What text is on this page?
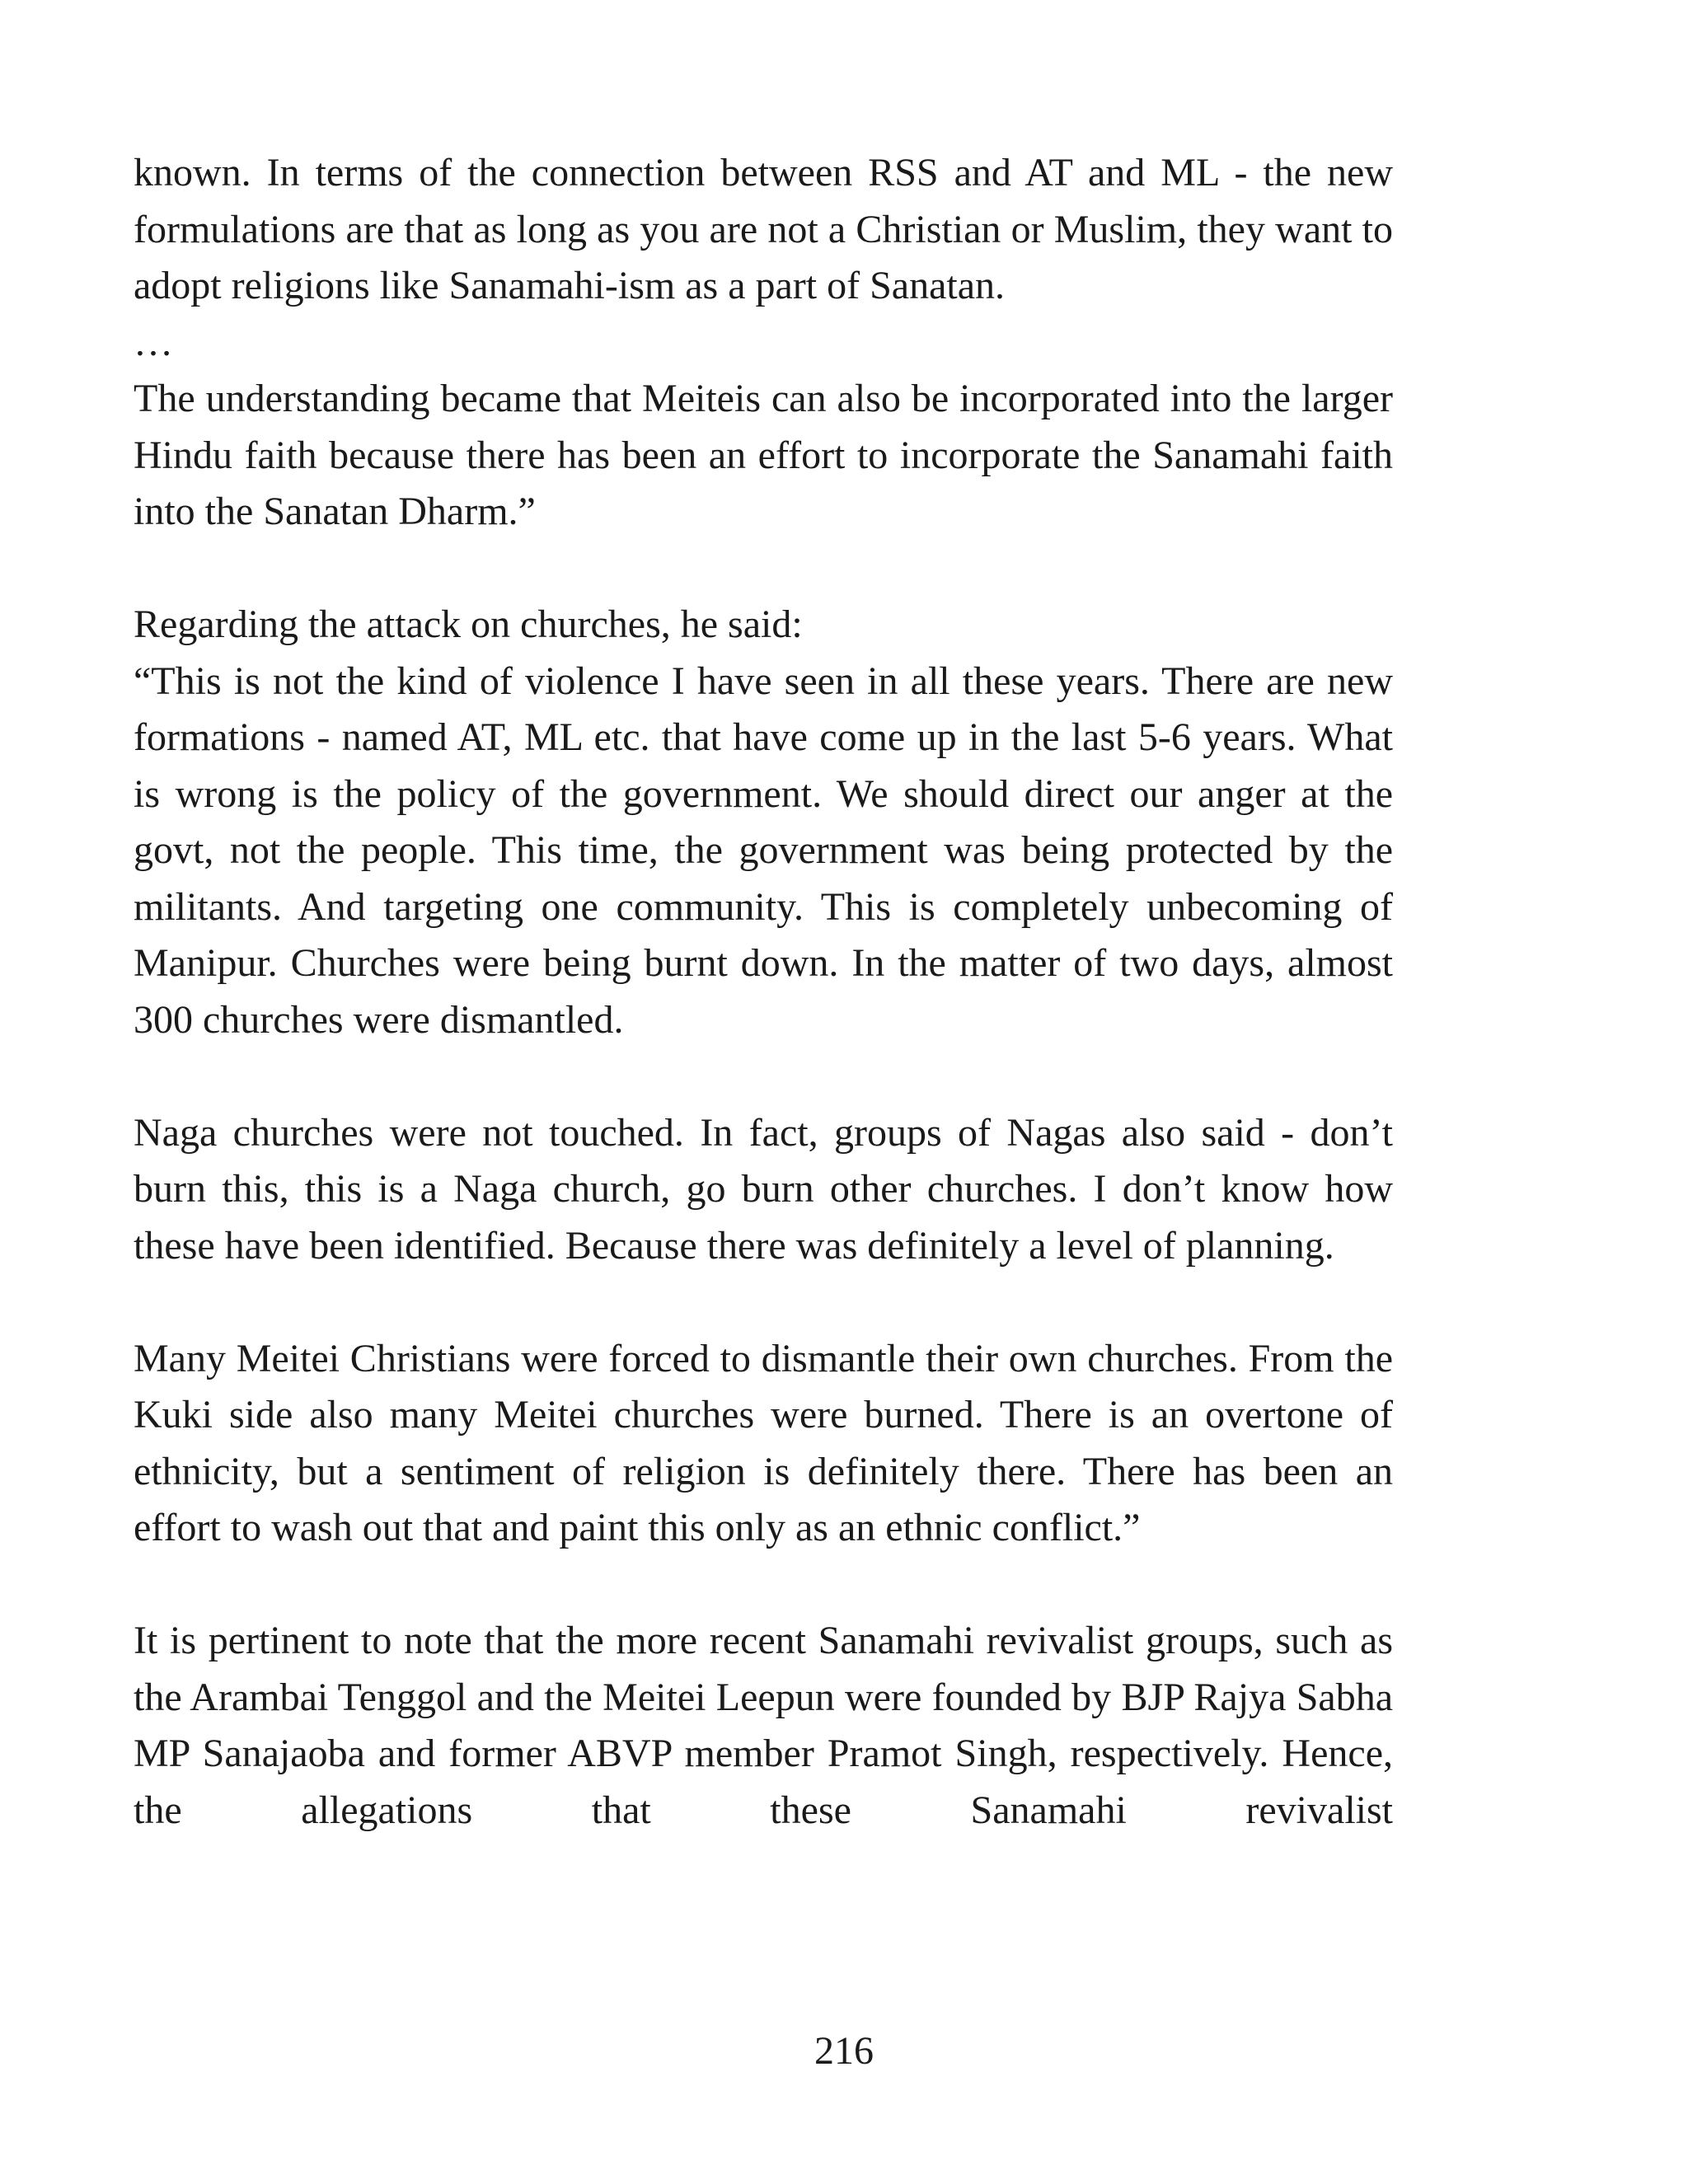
known. In terms of the connection between RSS and AT and ML - the new formulations are that as long as you are not a Christian or Muslim, they want to adopt religions like Sanamahi-ism as a part of Sanatan.

…

The understanding became that Meiteis can also be incorporated into the larger Hindu faith because there has been an effort to incorporate the Sanamahi faith into the Sanatan Dharm.”

Regarding the attack on churches, he said:

“This is not the kind of violence I have seen in all these years. There are new formations - named AT, ML etc. that have come up in the last 5-6 years. What is wrong is the policy of the government. We should direct our anger at the govt, not the people. This time, the government was being protected by the militants. And targeting one community. This is completely unbecoming of Manipur. Churches were being burnt down. In the matter of two days, almost 300 churches were dismantled.

Naga churches were not touched. In fact, groups of Nagas also said - don’t burn this, this is a Naga church, go burn other churches. I don’t know how these have been identified. Because there was definitely a level of planning.

Many Meitei Christians were forced to dismantle their own churches. From the Kuki side also many Meitei churches were burned. There is an overtone of ethnicity, but a sentiment of religion is definitely there. There has been an effort to wash out that and paint this only as an ethnic conflict.”

It is pertinent to note that the more recent Sanamahi revivalist groups, such as the Arambai Tenggol and the Meitei Leepun were founded by BJP Rajya Sabha MP Sanajaoba and former ABVP member Pramot Singh, respectively. Hence, the allegations that these Sanamahi revivalist

216
